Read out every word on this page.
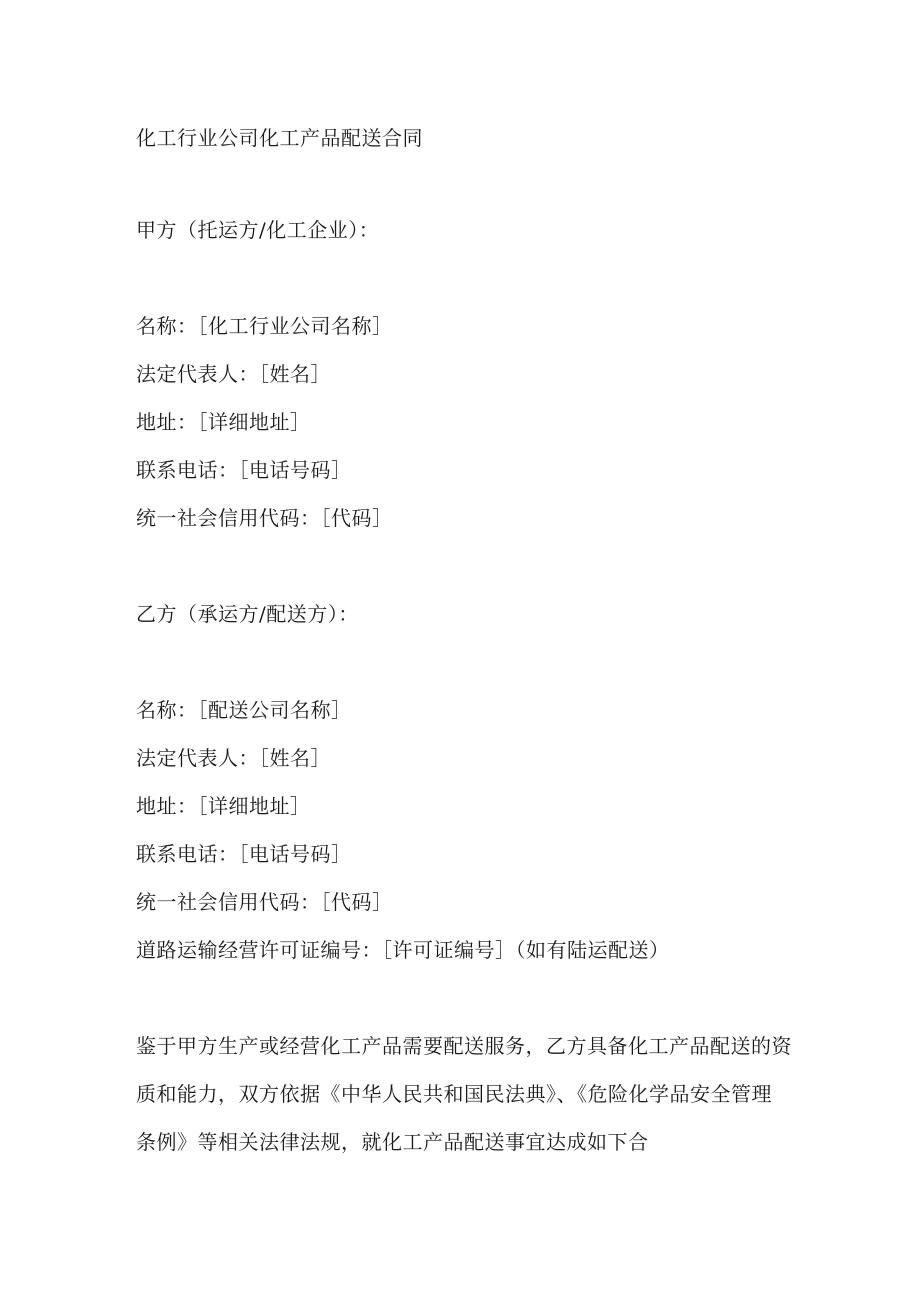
化工行业公司化工产品配送合同
甲方（托运方/化工企业）：
名称：［化工行业公司名称］
法定代表人：［姓名］
地址：［详细地址］
联系电话：［电话号码］
统一社会信用代码：［代码］
乙方（承运方/配送方）：
名称：［配送公司名称］
法定代表人：［姓名］
地址：［详细地址］
联系电话：［电话号码］
统一社会信用代码：［代码］
道路运输经营许可证编号：［许可证编号］（如有陆运配送）
鉴于甲方生产或经营化工产品需要配送服务，乙方具备化工产品配送的资
质和能力，双方依据《中华人民共和国民法典》、《危险化学品安全管理
条例》等相关法律法规，就化工产品配送事宜达成如下合
